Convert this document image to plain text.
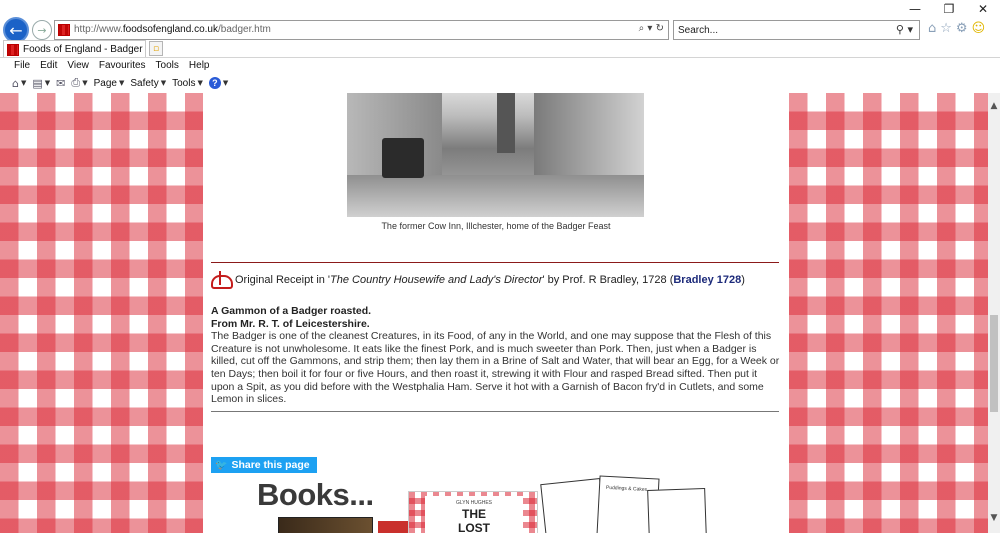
—	❐	✕
← →	http://www.foodsofengland.co.uk/badger.htm	⌕ ▾ ↻
Search...	⚲ ▾ ⌂ ☆ ⚙ ☺
Foods of England - Badger ▫
File Edit View Favourites Tools Help
⌂ ▼ ▤ ▼ ✉ ⎙ ▼ Page ▼ Safety ▼ Tools ▼	? ▼
The former Cow Inn, Illchester, home of the Badger Feast
Original Receipt in 'The Country Housewife and Lady's Director' by Prof. R Bradley, 1728 (Bradley 1728)
A Gammon of a Badger roasted.
From Mr. R. T. of Leicestershire.

The Badger is one of the cleanest Creatures, in its Food, of any in the World, and one may suppose that the Flesh of this Creature is not unwholesome. It eats like the finest Pork, and is much sweeter than Pork. Then, just when a Badger is killed, cut off the Gammons, and strip them; then lay them in a Brine of Salt and Water, that will bear an Egg, for a Week or ten Days; then boil it for four or five Hours, and then roast it, strewing it with Flour and rasped Bread sifted. Then put it upon a Spit, as you did before with the Westphalia Ham. Serve it hot with a Garnish of Bacon fry'd in Cutlets, and some Lemon in slices.

🐦 Share this page
Books...	GLYN HUGHES
THE
LOST
Puddings & Cakes
▲
▼
